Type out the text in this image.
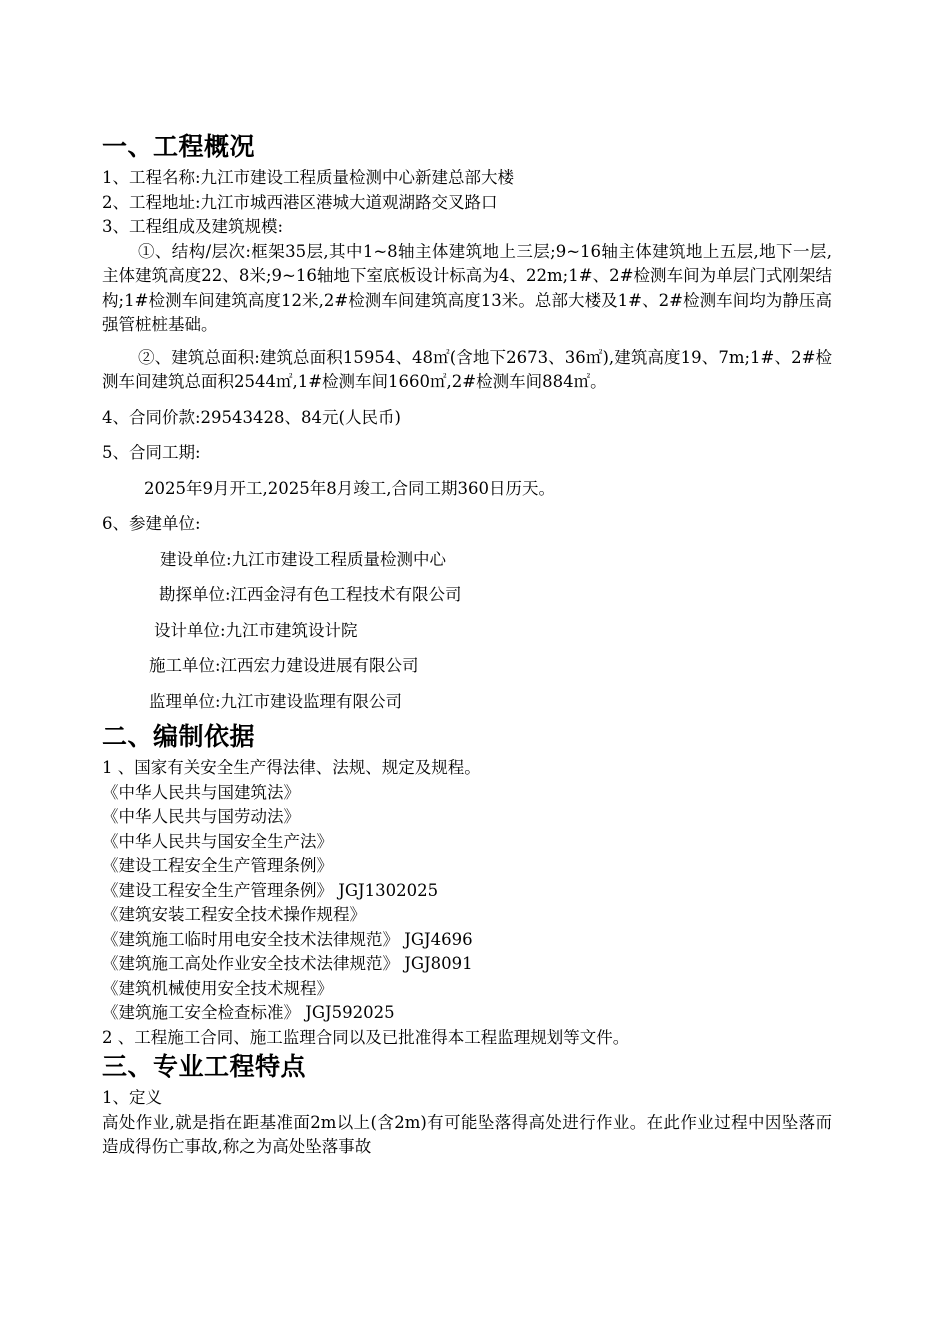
一、工程概况

1、工程名称:九江市建设工程质量检测中心新建总部大楼

2、工程地址:九江市城西港区港城大道观湖路交叉路口

3、工程组成及建筑规模:

①、结构/层次:框架35层,其中1~8轴主体建筑地上三层;9~16轴主体建筑地上五层,地下一层,主体建筑高度22、8米;9~16轴地下室底板设计标高为4、22m;1#、2#检测车间为单层门式刚架结构;1#检测车间建筑高度12米,2#检测车间建筑高度13米。总部大楼及1#、2#检测车间均为静压高强管桩桩基础。

②、建筑总面积:建筑总面积15954、48㎡(含地下2673、36㎡),建筑高度19、7m;1#、2#检测车间建筑总面积2544㎡,1#检测车间1660㎡,2#检测车间884㎡。

4、合同价款:29543428、84元(人民币)

5、合同工期:

2025年9月开工,2025年8月竣工,合同工期360日历天。

6、参建单位:

建设单位:九江市建设工程质量检测中心

勘探单位:江西金浔有色工程技术有限公司

设计单位:九江市建筑设计院

施工单位:江西宏力建设进展有限公司

监理单位:九江市建设监理有限公司

二、编制依据

1 、国家有关安全生产得法律、法规、规定及规程。

《中华人民共与国建筑法》

《中华人民共与国劳动法》

《中华人民共与国安全生产法》

《建设工程安全生产管理条例》

《建设工程安全生产管理条例》 JGJ1302025

《建筑安装工程安全技术操作规程》

《建筑施工临时用电安全技术法律规范》 JGJ4696

《建筑施工高处作业安全技术法律规范》 JGJ8091

《建筑机械使用安全技术规程》

《建筑施工安全检查标准》 JGJ592025

2 、工程施工合同、施工监理合同以及已批准得本工程监理规划等文件。

三、专业工程特点

1、定义

高处作业,就是指在距基准面2m以上(含2m)有可能坠落得高处进行作业。在此作业过程中因坠落而造成得伤亡事故,称之为高处坠落事故
